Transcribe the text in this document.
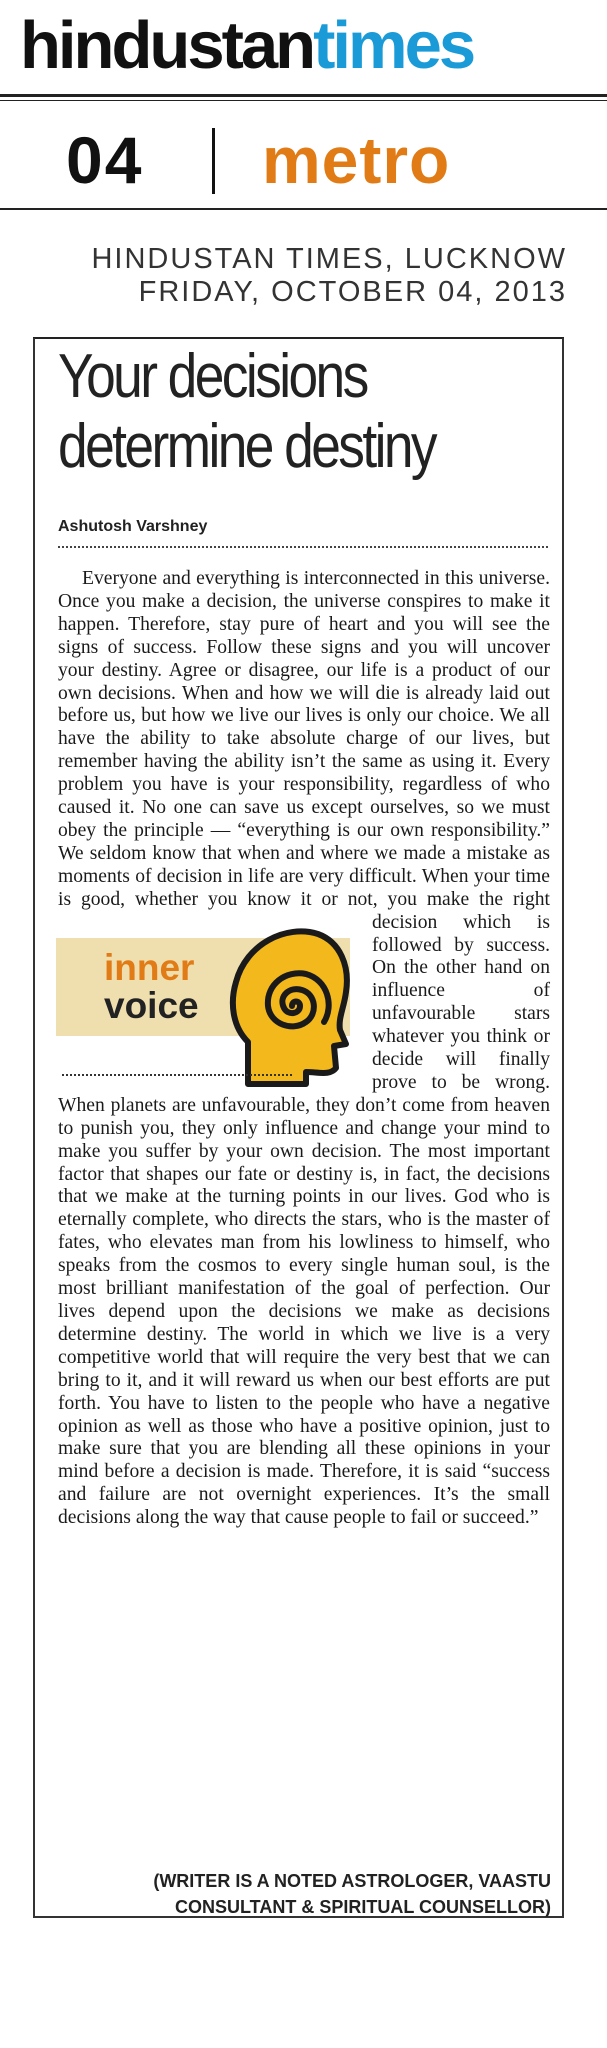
hindustantimes
04 metro
HINDUSTAN TIMES, LUCKNOW
FRIDAY, OCTOBER 04, 2013
Your decisions
determine destiny
Ashutosh Varshney

Everyone and everything is interconnected in this universe. Once you make a decision, the universe conspires to make it happen. Therefore, stay pure of heart and you will see the signs of success. Follow these signs and you will uncover your destiny. Agree or disagree, our life is a product of our own decisions. When and how we will die is already laid out before us, but how we live our lives is only our choice. We all have the ability to take absolute charge of our lives, but remember having the ability isn’t the same as using it. Every problem you have is your responsibility, regardless of who caused it. No one can save us except ourselves, so we must obey the principle — “everything is our own responsibility.” We seldom know that when and where we made a mistake as moments of decision in life are very difficult. When your time is good, whether you know it or not, you make the right
inner
voice
decision which is followed by success. On the other hand on influence of unfavourable stars whatever you think or decide will finally prove to be wrong. When planets are unfavourable, they don’t come from heaven to punish you, they only influence and change your mind to make you suffer by your own decision. The most important factor that shapes our fate or destiny is, in fact, the decisions that we make at the turning points in our lives. God who is eternally complete, who directs the stars, who is the master of fates, who elevates man from his lowliness to himself, who speaks from the cosmos to every single human soul, is the most brilliant manifestation of the goal of perfection. Our lives depend upon the decisions we make as decisions determine destiny. The world in which we live is a very competitive world that will require the very best that we can bring to it, and it will reward us when our best efforts are put forth. You have to listen to the people who have a negative opinion as well as those who have a positive opinion, just to make sure that you are blending all these opinions in your mind before a decision is made. Therefore, it is said “success and failure are not overnight experiences. It’s the small decisions along the way that cause people to fail or succeed.”

(WRITER IS A NOTED ASTROLOGER, VAASTU
CONSULTANT & SPIRITUAL COUNSELLOR)
